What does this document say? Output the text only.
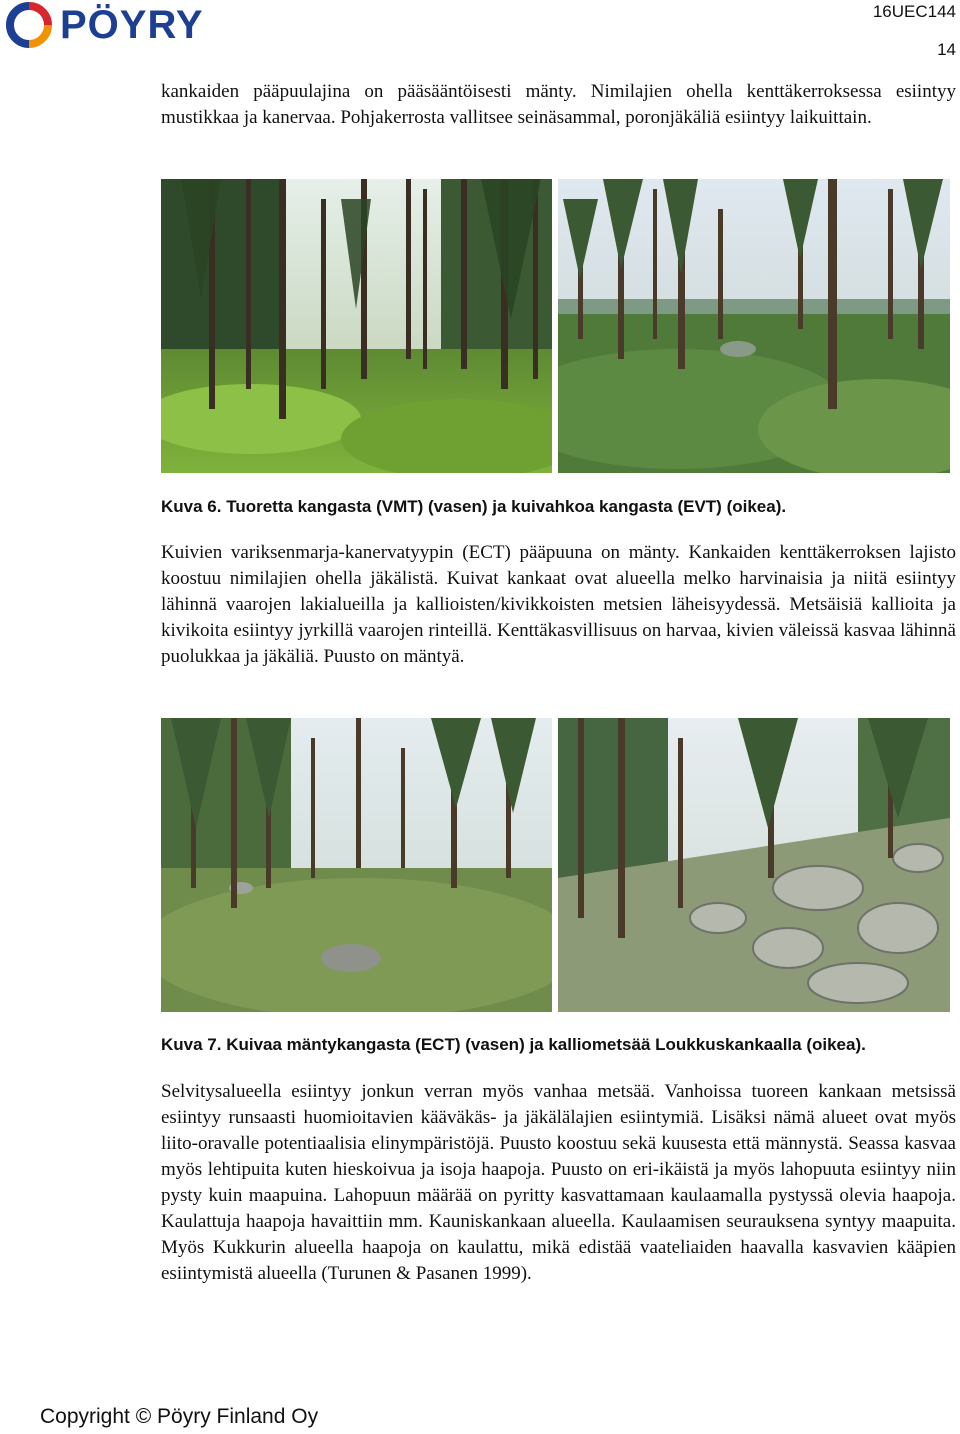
PÖYRY	16UEC144
14

kankaiden pääpuulajina on pääsääntöisesti mänty. Nimilajien ohella kenttäkerroksessa esiintyy mustikkaa ja kanervaa. Pohjakerrosta vallitsee seinäsammal, poronjäkäliä esiintyy laikuittain.

Kuva 6. Tuoretta kangasta (VMT) (vasen) ja kuivahkoa kangasta (EVT) (oikea).

Kuivien variksenmarja-kanervatyypin (ECT) pääpuuna on mänty. Kankaiden kenttäkerroksen lajisto koostuu nimilajien ohella jäkälistä. Kuivat kankaat ovat alueella melko harvinaisia ja niitä esiintyy lähinnä vaarojen lakialueilla ja kallioisten/kivikkoisten metsien läheisyydessä. Metsäisiä kallioita ja kivikoita esiintyy jyrkillä vaarojen rinteillä. Kenttäkasvillisuus on harvaa, kivien väleissä kasvaa lähinnä puolukkaa ja jäkäliä. Puusto on mäntyä.

Kuva 7. Kuivaa mäntykangasta (ECT) (vasen) ja kalliometsää Loukkuskankaalla (oikea).

Selvitysalueella esiintyy jonkun verran myös vanhaa metsää. Vanhoissa tuoreen kankaan metsissä esiintyy runsaasti huomioitavien kääväkäs- ja jäkälälajien esiintymiä. Lisäksi nämä alueet ovat myös liito-oravalle potentiaalisia elinympäristöjä. Puusto koostuu sekä kuusesta että männystä. Seassa kasvaa myös lehtipuita kuten hieskoivua ja isoja haapoja. Puusto on eri-ikäistä ja myös lahopuuta esiintyy niin pysty kuin maapuina. Lahopuun määrää on pyritty kasvattamaan kaulaamalla pystyssä olevia haapoja. Kaulattuja haapoja havaittiin mm. Kauniskankaan alueella. Kaulaamisen seurauksena syntyy maapuita. Myös Kukkurin alueella haapoja on kaulattu, mikä edistää vaateliaiden haavalla kasvavien kääpien esiintymistä alueella (Turunen & Pasanen 1999).

Copyright © Pöyry Finland Oy
